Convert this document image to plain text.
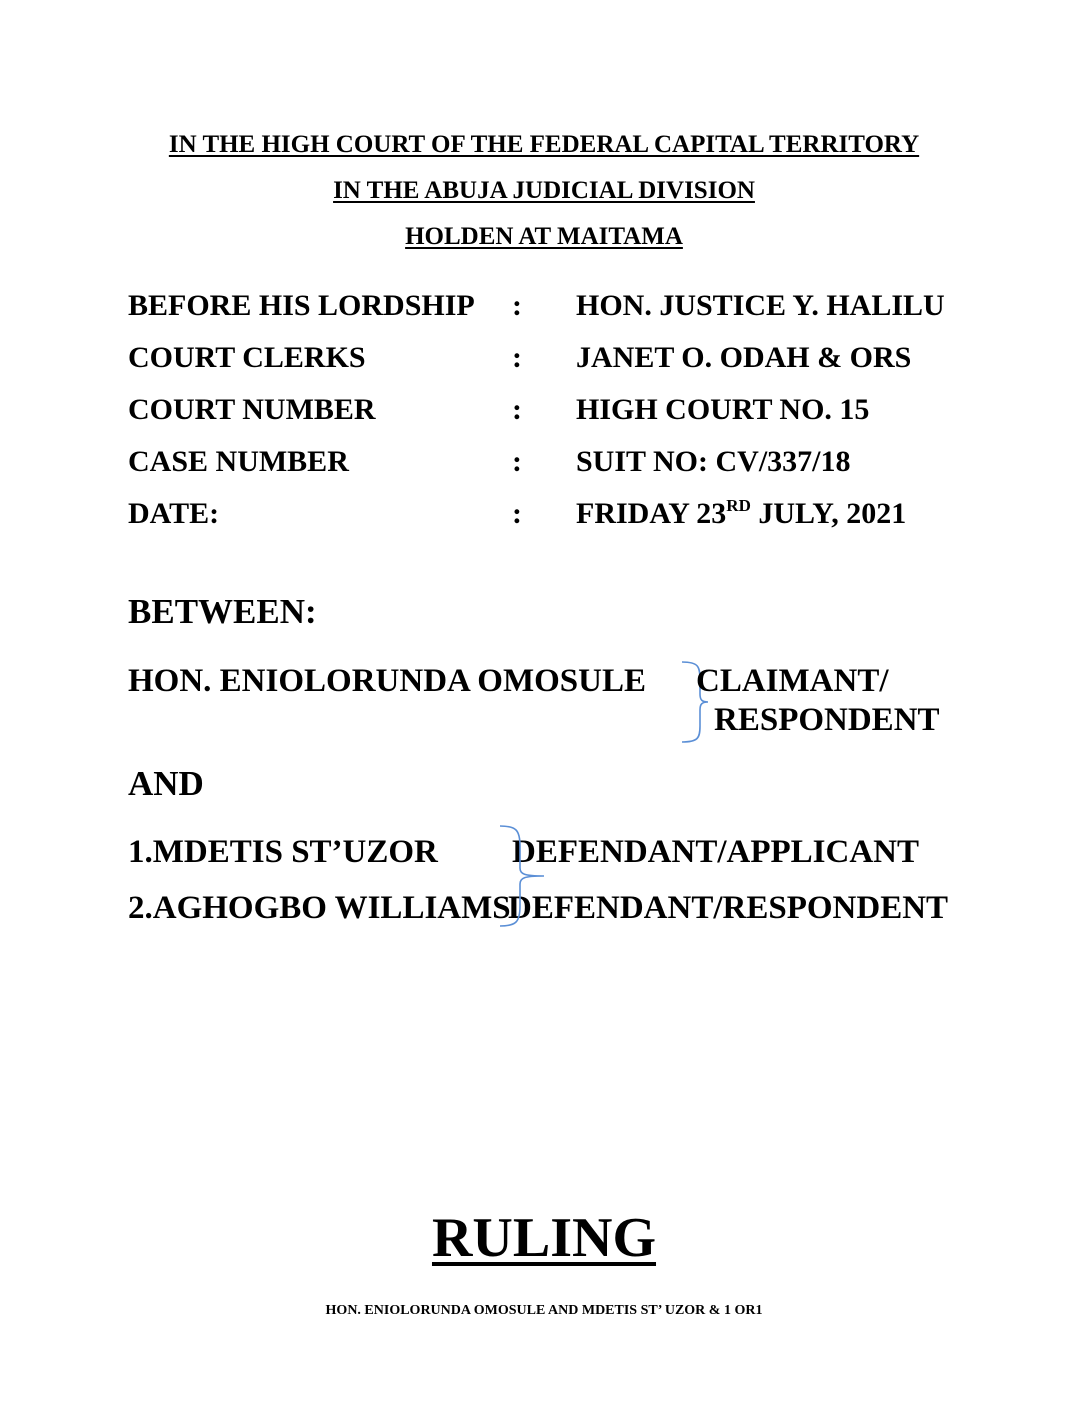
IN THE HIGH COURT OF THE FEDERAL CAPITAL TERRITORY
IN THE ABUJA JUDICIAL DIVISION
HOLDEN AT MAITAMA
BEFORE HIS LORDSHIP : HON. JUSTICE Y. HALILU
COURT CLERKS	: JANET O. ODAH & ORS
COURT NUMBER	: HIGH COURT NO. 15
CASE NUMBER	: SUIT NO: CV/337/18
DATE:	: FRIDAY 23RD JULY, 2021
BETWEEN:
HON. ENIOLORUNDA OMOSULE CLAIMANT/
RESPONDENT
AND
1.MDETIS ST’UZOR DEFENDANT/APPLICANT
2.AGHOGBO WILLIAMS
DEFENDANT/RESPONDENT
RULING
HON. ENIOLORUNDA OMOSULE AND MDETIS ST’ UZOR & 1 OR1
